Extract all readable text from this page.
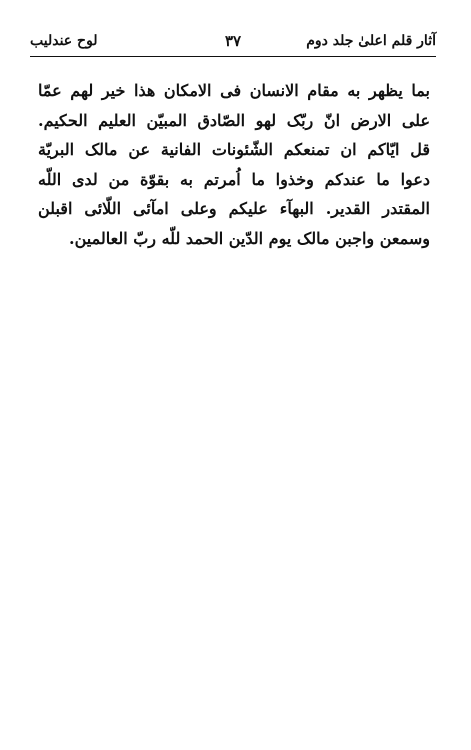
آثار قلم اعلیٰ جلد دوم
۳۷
لوح عندلیب
بما يظهر به مقام الانسان فی الامكان هذا خير لهم عمّا
علی الارض انّ ربّک لهو الصّادق المبيّن العليم الحکيم.
قل ايّاکم ان تمنعکم الشّئونات الفانية عن مالک البريّة
دعوا ما عندکم وخذوا ما اُمرتم به بقوّة من لدی اللّه
المقتدر القدير. البهآء عليکم وعلی امآئی اللّائی اقبلن
وسمعن واجبن مالک يوم الدّين الحمد للّه ربّ العالمين.
